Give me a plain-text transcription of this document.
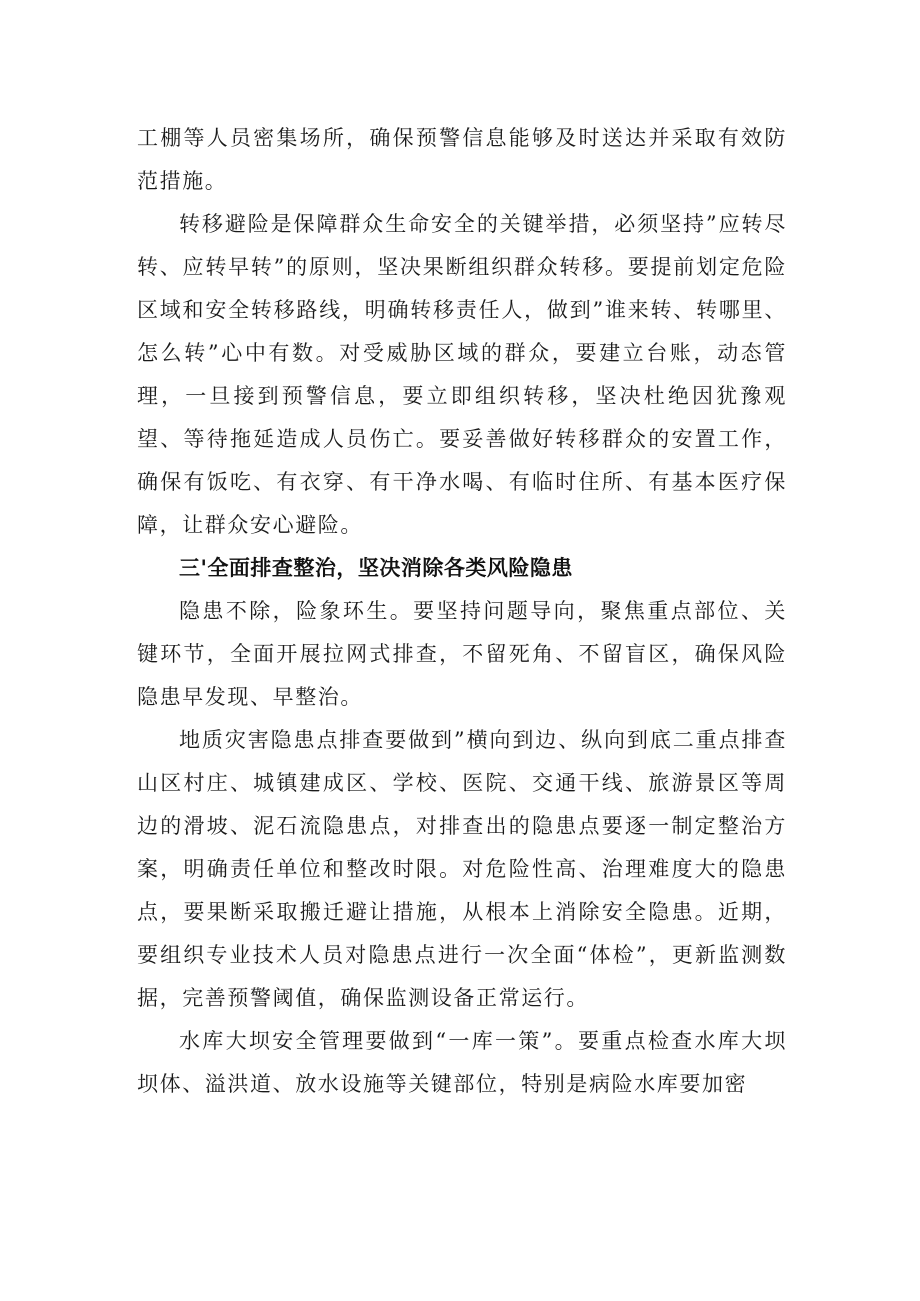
工棚等人员密集场所，确保预警信息能够及时送达并采取有效防范措施。

转移避险是保障群众生命安全的关键举措，必须坚持”应转尽转、应转早转”的原则，坚决果断组织群众转移。要提前划定危险区域和安全转移路线，明确转移责任人，做到”谁来转、转哪里、怎么转”心中有数。对受威胁区域的群众，要建立台账，动态管理，一旦接到预警信息，要立即组织转移，坚决杜绝因犹豫观望、等待拖延造成人员伤亡。要妥善做好转移群众的安置工作，确保有饭吃、有衣穿、有干净水喝、有临时住所、有基本医疗保障，让群众安心避险。

三'全面排查整治，坚决消除各类风险隐患

隐患不除，险象环生。要坚持问题导向，聚焦重点部位、关键环节，全面开展拉网式排查，不留死角、不留盲区，确保风险隐患早发现、早整治。

地质灾害隐患点排查要做到”横向到边、纵向到底二重点排查山区村庄、城镇建成区、学校、医院、交通干线、旅游景区等周边的滑坡、泥石流隐患点，对排查出的隐患点要逐一制定整治方案，明确责任单位和整改时限。对危险性高、治理难度大的隐患点，要果断采取搬迁避让措施，从根本上消除安全隐患。近期，要组织专业技术人员对隐患点进行一次全面“体检”，更新监测数据，完善预警阈值，确保监测设备正常运行。

水库大坝安全管理要做到“一库一策”。要重点检查水库大坝坝体、溢洪道、放水设施等关键部位，特别是病险水库要加密
